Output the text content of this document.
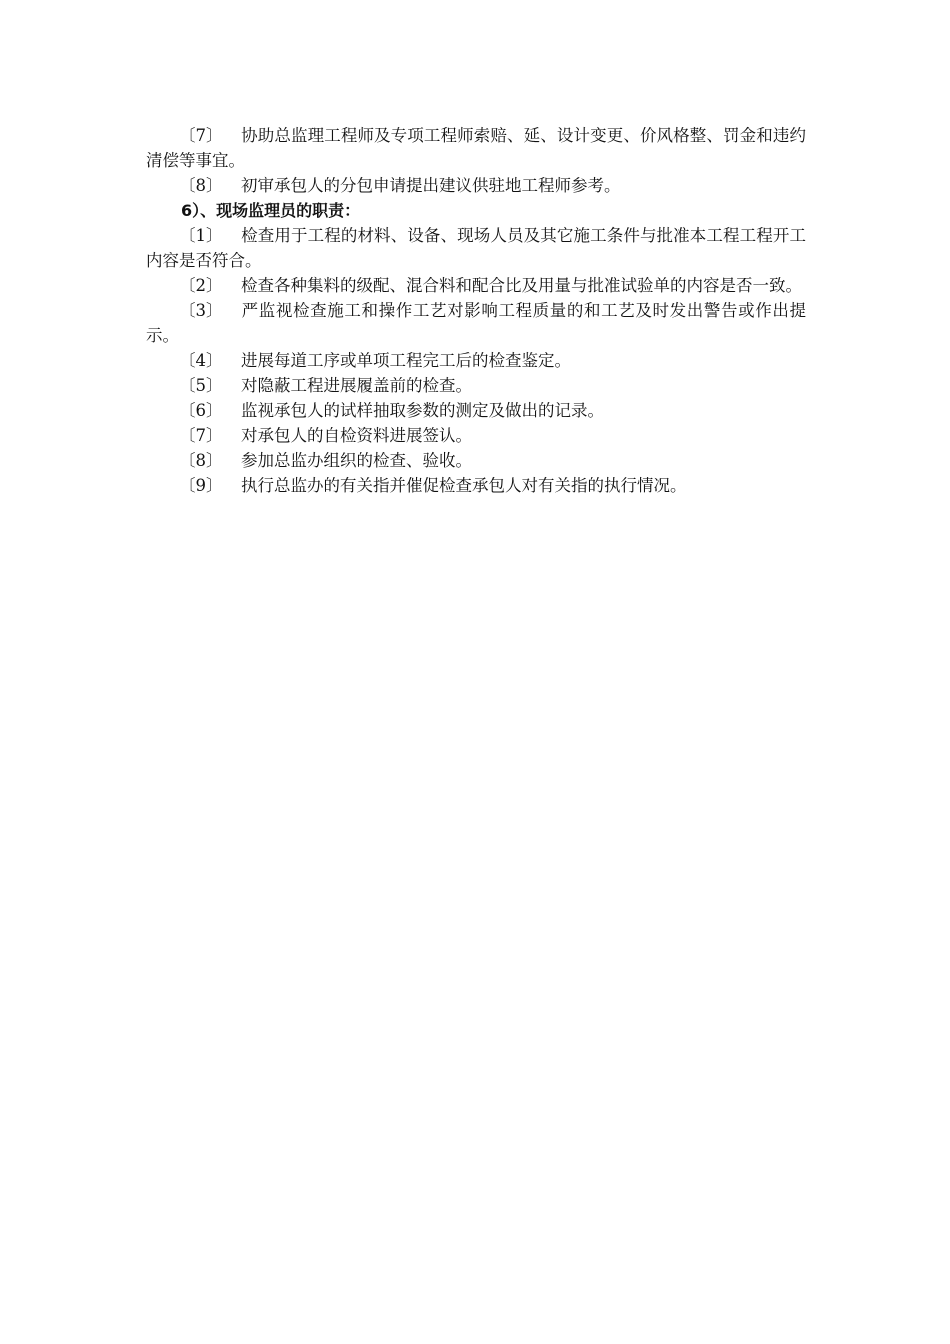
〔7〕 协助总监理工程师及专项工程师索赔、延、设计变更、价风格整、罚金和违约清偿等事宜。

〔8〕 初审承包人的分包申请提出建议供驻地工程师参考。

6）、现场监理员的职责：

〔1〕 检查用于工程的材料、设备、现场人员及其它施工条件与批准本工程工程开工内容是否符合。

〔2〕 检查各种集料的级配、混合料和配合比及用量与批准试验单的内容是否一致。

〔3〕 严监视检查施工和操作工艺对影响工程质量的和工艺及时发出警告或作出提示。

〔4〕 进展每道工序或单项工程完工后的检查鉴定。

〔5〕 对隐蔽工程进展履盖前的检查。

〔6〕 监视承包人的试样抽取参数的测定及做出的记录。

〔7〕 对承包人的自检资料进展签认。

〔8〕 参加总监办组织的检查、验收。

〔9〕 执行总监办的有关指并催促检查承包人对有关指的执行情况。
